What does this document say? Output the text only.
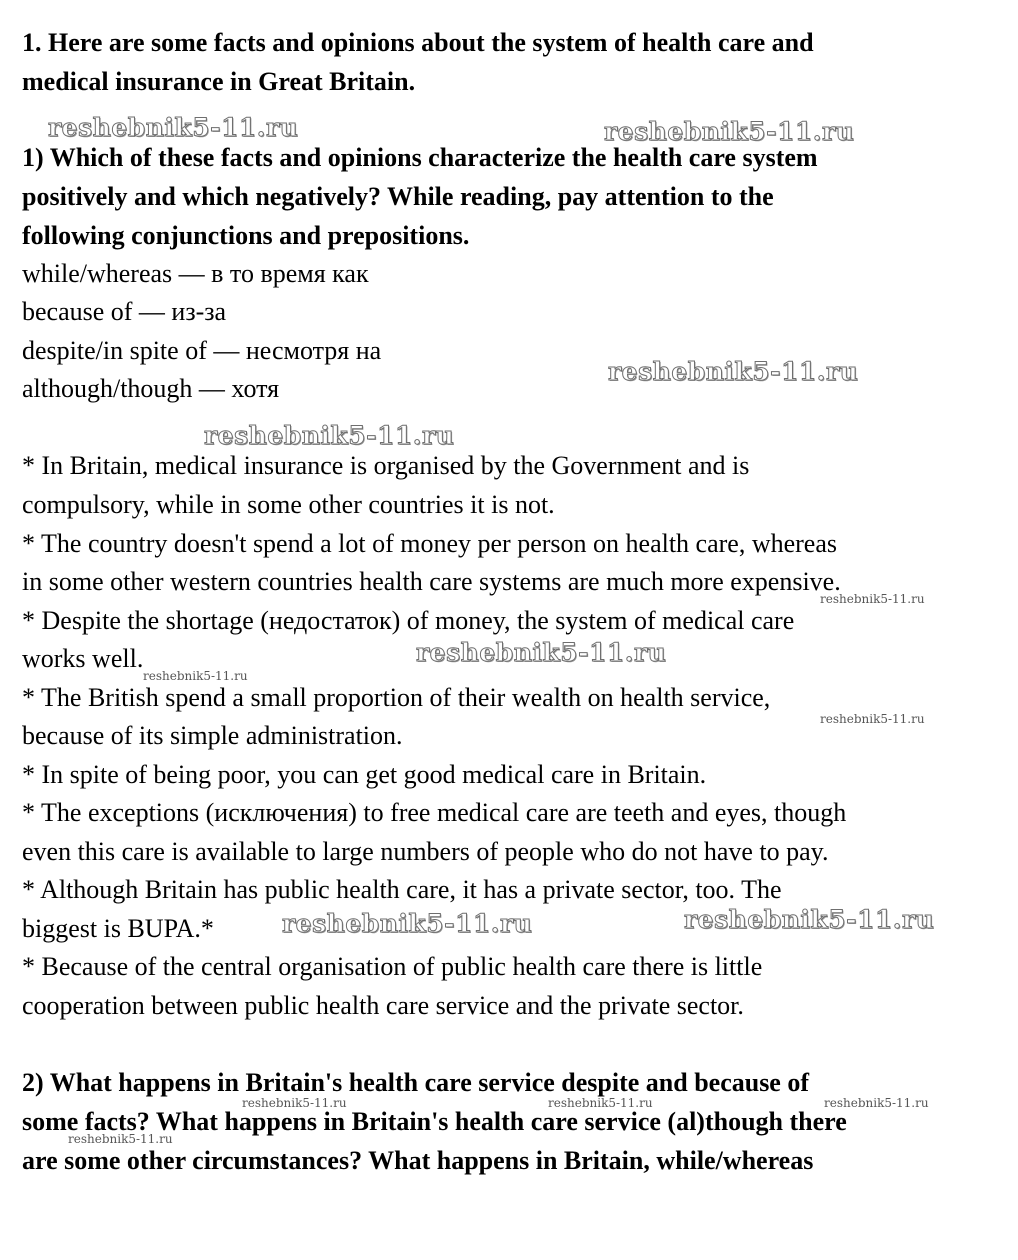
1. Here are some facts and opinions about the system of health care and
medical insurance in Great Britain.
1) Which of these facts and opinions characterize the health care system
positively and which negatively? While reading, pay attention to the
following conjunctions and prepositions.
while/whereas — в то время как
because of — из-за
despite/in spite of — несмотря на
although/though — хотя
* In Britain, medical insurance is organised by the Government and is
compulsory, while in some other countries it is not.
* The country doesn't spend a lot of money per person on health care, whereas
in some other western countries health care systems are much more expensive.
* Despite the shortage (недостаток) of money, the system of medical care
works well.
* The British spend a small proportion of their wealth on health service,
because of its simple administration.
* In spite of being poor, you can get good medical care in Britain.
* The exceptions (исключения) to free medical care are teeth and eyes, though
even this care is available to large numbers of people who do not have to pay.
* Although Britain has public health care, it has a private sector, too. The
biggest is BUPA.*
* Because of the central organisation of public health care there is little
cooperation between public health care service and the private sector.
2) What happens in Britain's health care service despite and because of
some facts? What happens in Britain's health care service (al)though there
are some other circumstances? What happens in Britain, while/whereas
reshebnik5-11.ru	reshebnik5-11.ru
reshebnik5-11.ru
reshebnik5-11.ru
reshebnik5-11.ru
reshebnik5-11.ru	reshebnik5-11.ru
reshebnik5-11.ru
reshebnik5-11.ru
reshebnik5-11.ru
reshebnik5-11.ru	reshebnik5-11.ru	reshebnik5-11.ru
reshebnik5-11.ru
